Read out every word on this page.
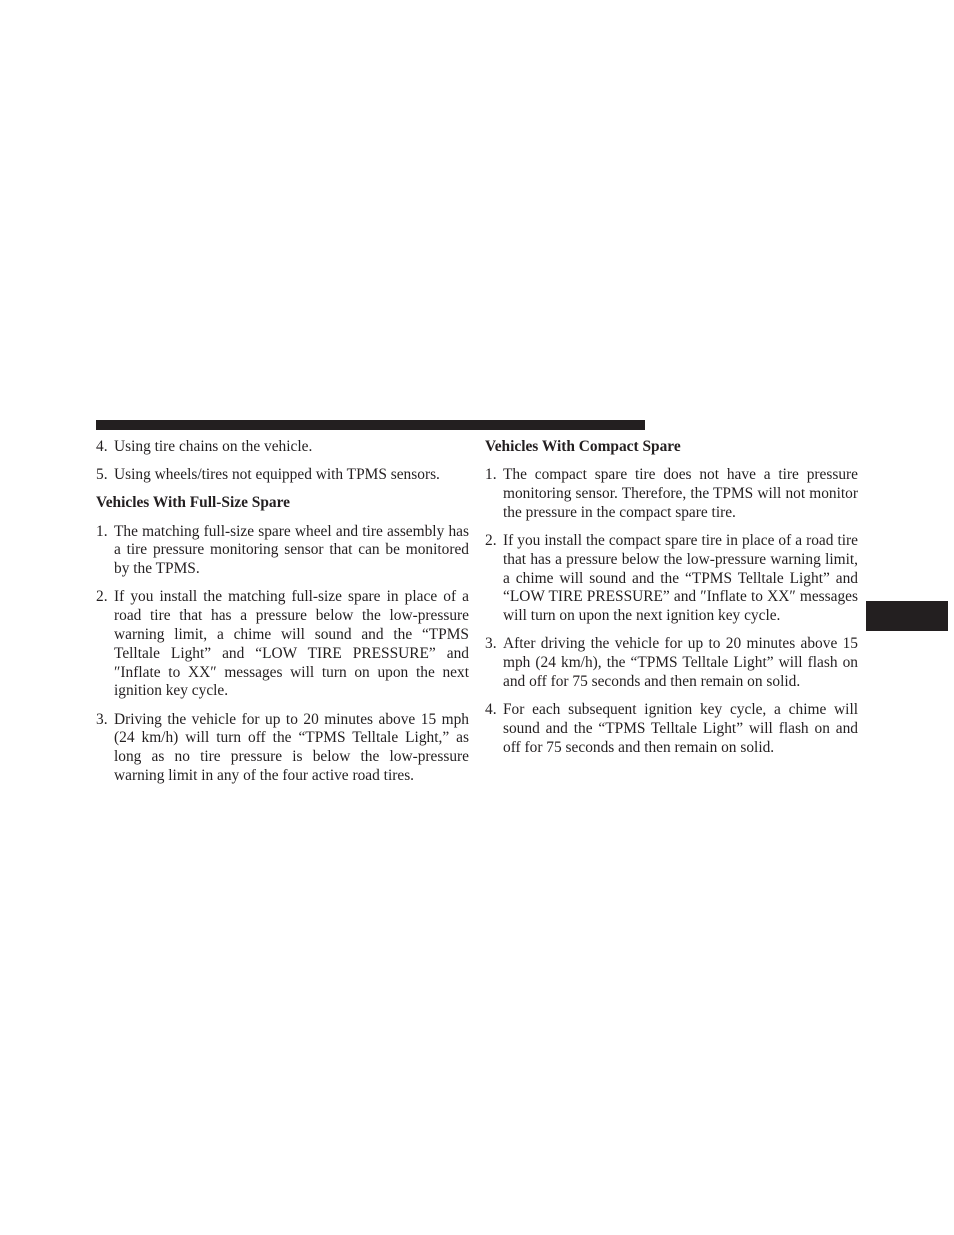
4. Using tire chains on the vehicle.
5. Using wheels/tires not equipped with TPMS sensors.
Vehicles With Full-Size Spare
1. The matching full-size spare wheel and tire assembly has a tire pressure monitoring sensor that can be monitored by the TPMS.
2. If you install the matching full-size spare in place of a road tire that has a pressure below the low-pressure warning limit, a chime will sound and the “TPMS Telltale Light” and “LOW TIRE PRESSURE” and ″Inflate to XX″ messages will turn on upon the next ignition key cycle.
3. Driving the vehicle for up to 20 minutes above 15 mph (24 km/h) will turn off the “TPMS Telltale Light,” as long as no tire pressure is below the low-pressure warning limit in any of the four active road tires.
Vehicles With Compact Spare
1. The compact spare tire does not have a tire pressure monitoring sensor. Therefore, the TPMS will not monitor the pressure in the compact spare tire.
2. If you install the compact spare tire in place of a road tire that has a pressure below the low-pressure warning limit, a chime will sound and the “TPMS Telltale Light” and “LOW TIRE PRESSURE” and ″Inflate to XX″ messages will turn on upon the next ignition key cycle.
3. After driving the vehicle for up to 20 minutes above 15 mph (24 km/h), the “TPMS Telltale Light” will flash on and off for 75 seconds and then remain on solid.
4. For each subsequent ignition key cycle, a chime will sound and the “TPMS Telltale Light” will flash on and off for 75 seconds and then remain on solid.
